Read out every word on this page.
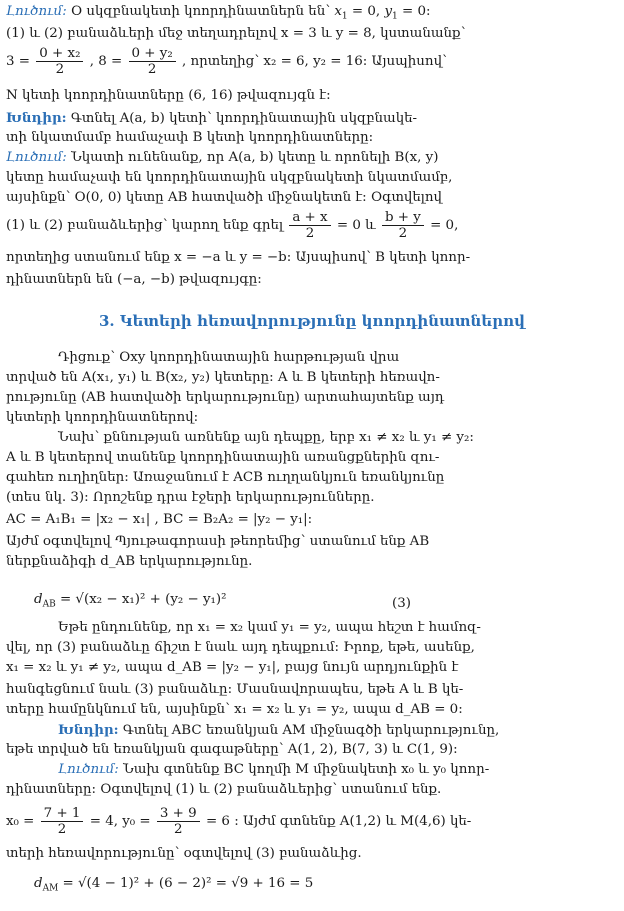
Լուծում: O սկզբնակետի կոորդինատներն են՝ $x_1 = 0$, $y_1 = 0$:
(1) և (2) բանաձևերի մեջ տեղադրելով x = 3 և y = 8, կստանանք՝
$3 = \frac{\text{0 + x₂}}{2}$ , $8 = \frac{\text{0 + y₂}}{2}$ , որտեղից՝ x₂ = 6, y₂ = 16: Այսպիսով՝
N կետի կոորդինատները (6, 16) թվազույգն է:
Խնդիր: Գտնել A(a, b) կետի՝ կոորդինատային սկզբնակե-
տի նկատմամբ համաչափ B կետի կոորդինատները:
Լուծում: Նկատի ունենանք, որ A(a, b) կետը և որոնելի B(x, y)
կետը համաչափ են կոորդինատային սկզբնակետի նկատմամբ,
այսինքն՝ O(0, 0) կետը AB հատվածի միջնակետն է: Օգտվելով
(1) և (2) բանաձևերից՝ կարող ենք գրել $\frac{a + x}{2} = 0$ և $\frac{b + y}{2} = 0$,
որտեղից ստանում ենք x = −a և y = −b: Այսպիսով՝ B կետի կոոր-
դինատներն են (−a, −b) թվազույգը:
3. Կետերի հեռավորությունը կոորդինատներով
Դիցուք՝ Oxy կոորդինատային հարթության վրա
տրված են A(x₁, y₁) և B(x₂, y₂) կետերը: A և B կետերի հեռավո-
րությունը (AB հատվածի երկարությունը) արտահայտենք այդ
կետերի կոորդինատներով:
Նախ՝ քննության առնենք այն դեպքը, երբ x₁ ≠ x₂ և y₁ ≠ y₂:
A և B կետերով տանենք կոորդինատային առանցքներին զու-
գահեռ ուղիղներ: Առաջանում է ACB ուղղանկյուն եռանկյունը
(տես նկ. 3): Որոշենք դրա էջերի երկարությունները.
AC = A₁B₁ = |x₂ − x₁| , BC = B₂A₂ = |y₂ − y₁|:
Այժմ օգտվելով Պյութագորասի թեորեմից՝ ստանում ենք AB
ներքնաձիգի d_AB երկարությունը.
$d_{AB} = √(x_2 - x_1)^2 + (y_2 - y_1)^2$	(3)
Եթե ընդունենք, որ x₁ = x₂ կամ y₁ = y₂, ապա հեշտ է համոզ-
վել, որ (3) բանաձևը ճիշտ է նաև այդ դեպքում: Իրոք, եթե, ասենք,
x₁ = x₂ և y₁ ≠ y₂, ապա d_AB = |y₂ − y₁|, բայց նույն արդյունքին է
հանգեցնում նաև (3) բանաձևը: Մասնավորապես, եթե A և B կե-
տերը համընկնում են, այսինքն՝ x₁ = x₂ և y₁ = y₂, ապա d_AB = 0:
Խնդիր: Գտնել ABC եռանկյան AM միջնագծի երկարությունը,
եթե տրված են եռանկյան գագաթները՝ A(1, 2), B(7, 3) և C(1, 9):
Լուծում: Նախ գտնենք BC կողմի M միջնակետի x₀ և y₀ կոոր-
դինատները: Օգտվելով (1) և (2) բանաձևերից՝ ստանում ենք.
$x_0 = \frac{7 + 1}{2} = 4$, $y_0 = \frac{3 + 9}{2} = 6$ : Այժմ գտնենք A(1,2) և M(4,6) կե-
տերի հեռավորությունը՝ օգտվելով (3) բանաձևից.
$d_{AM} = √(4 - 1)^2 + (6 - 2)^2 = √9 + 16 = 5$
